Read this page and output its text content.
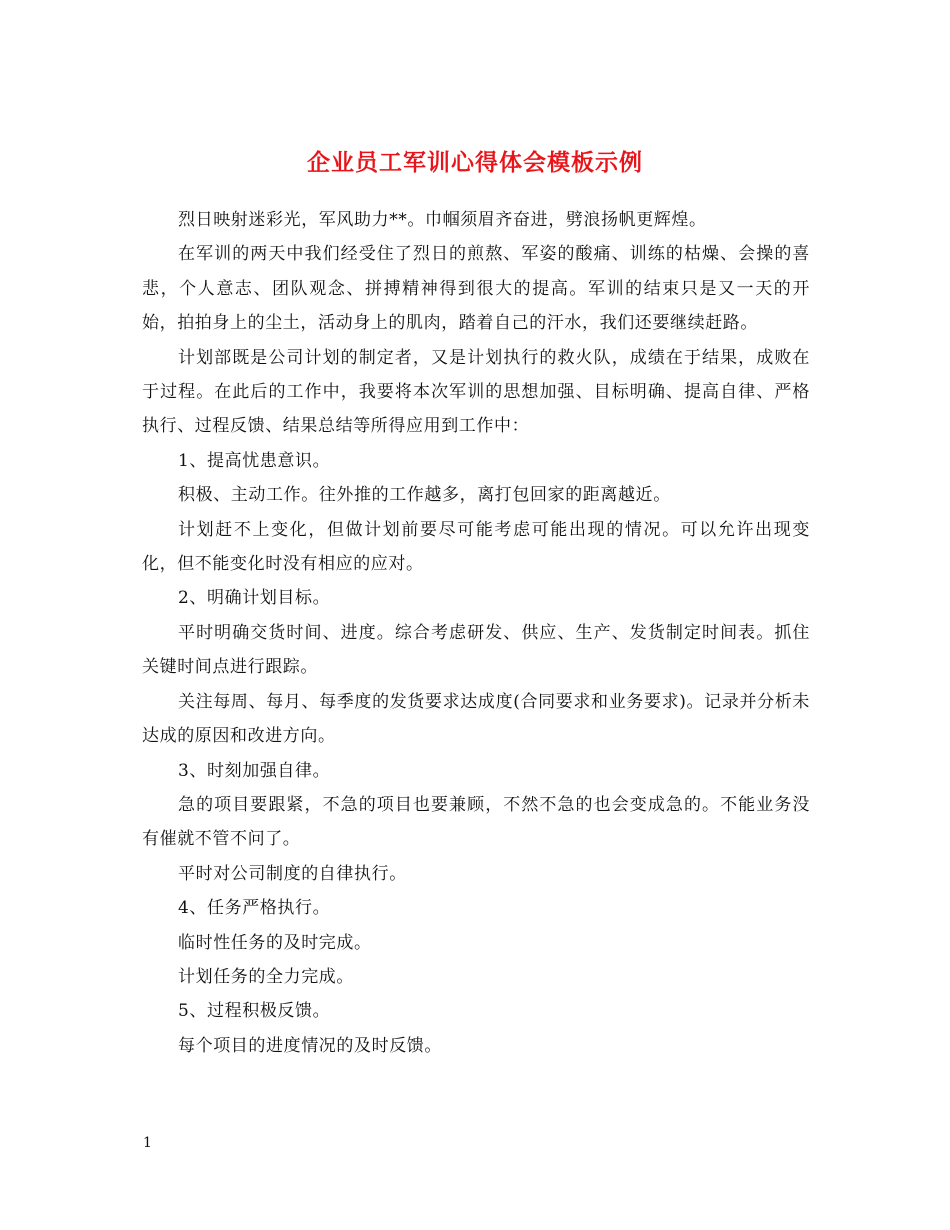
企业员工军训心得体会模板示例

烈日映射迷彩光，军风助力**。巾帼须眉齐奋进，劈浪扬帆更辉煌。

在军训的两天中我们经受住了烈日的煎熬、军姿的酸痛、训练的枯燥、会操的喜悲，个人意志、团队观念、拼搏精神得到很大的提高。军训的结束只是又一天的开始，拍拍身上的尘土，活动身上的肌肉，踏着自己的汗水，我们还要继续赶路。

计划部既是公司计划的制定者，又是计划执行的救火队，成绩在于结果，成败在于过程。在此后的工作中，我要将本次军训的思想加强、目标明确、提高自律、严格执行、过程反馈、结果总结等所得应用到工作中：

1、提高忧患意识。

积极、主动工作。往外推的工作越多，离打包回家的距离越近。

计划赶不上变化，但做计划前要尽可能考虑可能出现的情况。可以允许出现变化，但不能变化时没有相应的应对。

2、明确计划目标。

平时明确交货时间、进度。综合考虑研发、供应、生产、发货制定时间表。抓住关键时间点进行跟踪。

关注每周、每月、每季度的发货要求达成度(合同要求和业务要求)。记录并分析未达成的原因和改进方向。

3、时刻加强自律。

急的项目要跟紧，不急的项目也要兼顾，不然不急的也会变成急的。不能业务没有催就不管不问了。

平时对公司制度的自律执行。

4、任务严格执行。

临时性任务的及时完成。

计划任务的全力完成。

5、过程积极反馈。

每个项目的进度情况的及时反馈。

1
